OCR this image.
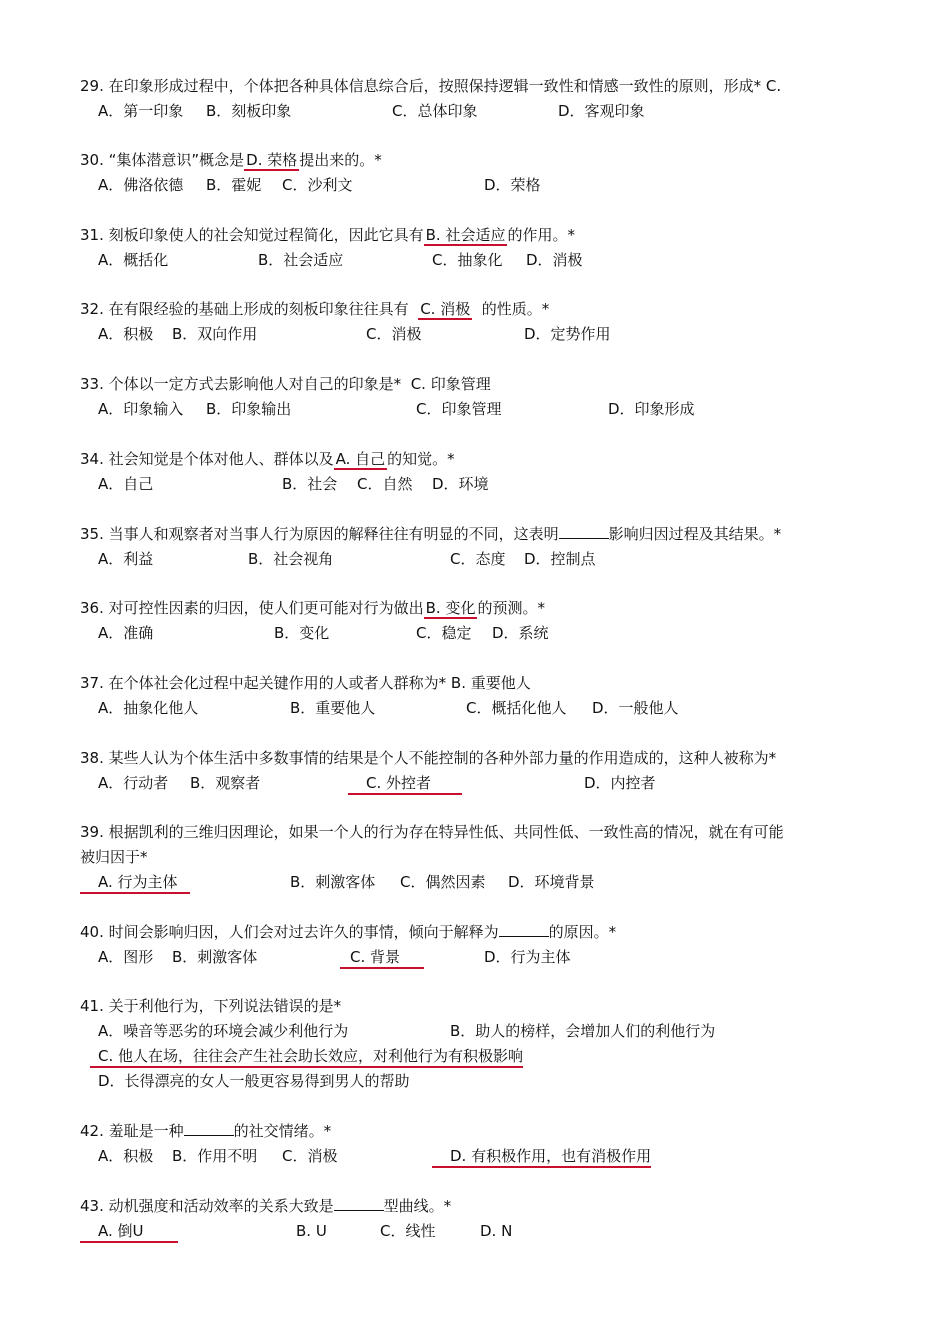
29. 在印象形成过程中，个体把各种具体信息综合后，按照保持逻辑一致性和情感一致性的原则，形成* C.
A．第一印象 B．刻板印象	C．总体印象	D．客观印象
30. “集体潜意识”概念是 D. 荣格 提出来的。*
A．佛洛依德 B．霍妮 C．沙利文	D．荣格
31. 刻板印象使人的社会知觉过程简化，因此它具有 B. 社会适应 的作用。*
A．概括化	B．社会适应	C．抽象化 D．消极
32. 在有限经验的基础上形成的刻板印象往往具有 C. 消极 的性质。*
A．积极 B．双向作用	C．消极	D．定势作用
33. 个体以一定方式去影响他人对自己的印象是* C. 印象管理
A．印象输入 B．印象输出	C．印象管理	D．印象形成
34. 社会知觉是个体对他人、群体以及 A. 自己 的知觉。*
A．自己	B．社会 C．自然 D．环境
35. 当事人和观察者对当事人行为原因的解释往往有明显的不同，这表明	影响归因过程及其结果。*
A．利益	B．社会视角	C．态度 D．控制点
36. 对可控性因素的归因，使人们更可能对行为做出 B. 变化 的预测。*
A．准确	B．变化	C．稳定 D．系统
37. 在个体社会化过程中起关键作用的人或者人群称为* B. 重要他人
A．抽象化他人	B．重要他人	C．概括化他人 D．一般他人
38. 某些人认为个体生活中多数事情的结果是个人不能控制的各种外部力量的作用造成的，这种人被称为*
A．行动者 B．观察者	C. 外控者	D．内控者
39. 根据凯利的三维归因理论，如果一个人的行为存在特异性低、共同性低、一致性高的情况，就在有可能
被归因于*
A. 行为主体	B．刺激客体 C．偶然因素 D．环境背景
40. 时间会影响归因，人们会对过去许久的事情，倾向于解释为	的原因。*
A．图形 B．刺激客体	C. 背景	D．行为主体
41. 关于利他行为，下列说法错误的是*
A．噪音等恶劣的环境会减少利他行为	B．助人的榜样，会增加人们的利他行为
C. 他人在场，往往会产生社会助长效应，对利他行为有积极影响
D．长得漂亮的女人一般更容易得到男人的帮助
42. 羞耻是一种	的社交情绪。*
A．积极 B．作用不明 C．消极	D. 有积极作用，也有消极作用
43. 动机强度和活动效率的关系大致是	型曲线。*
A. 倒U	B. U	C．线性	D. N
